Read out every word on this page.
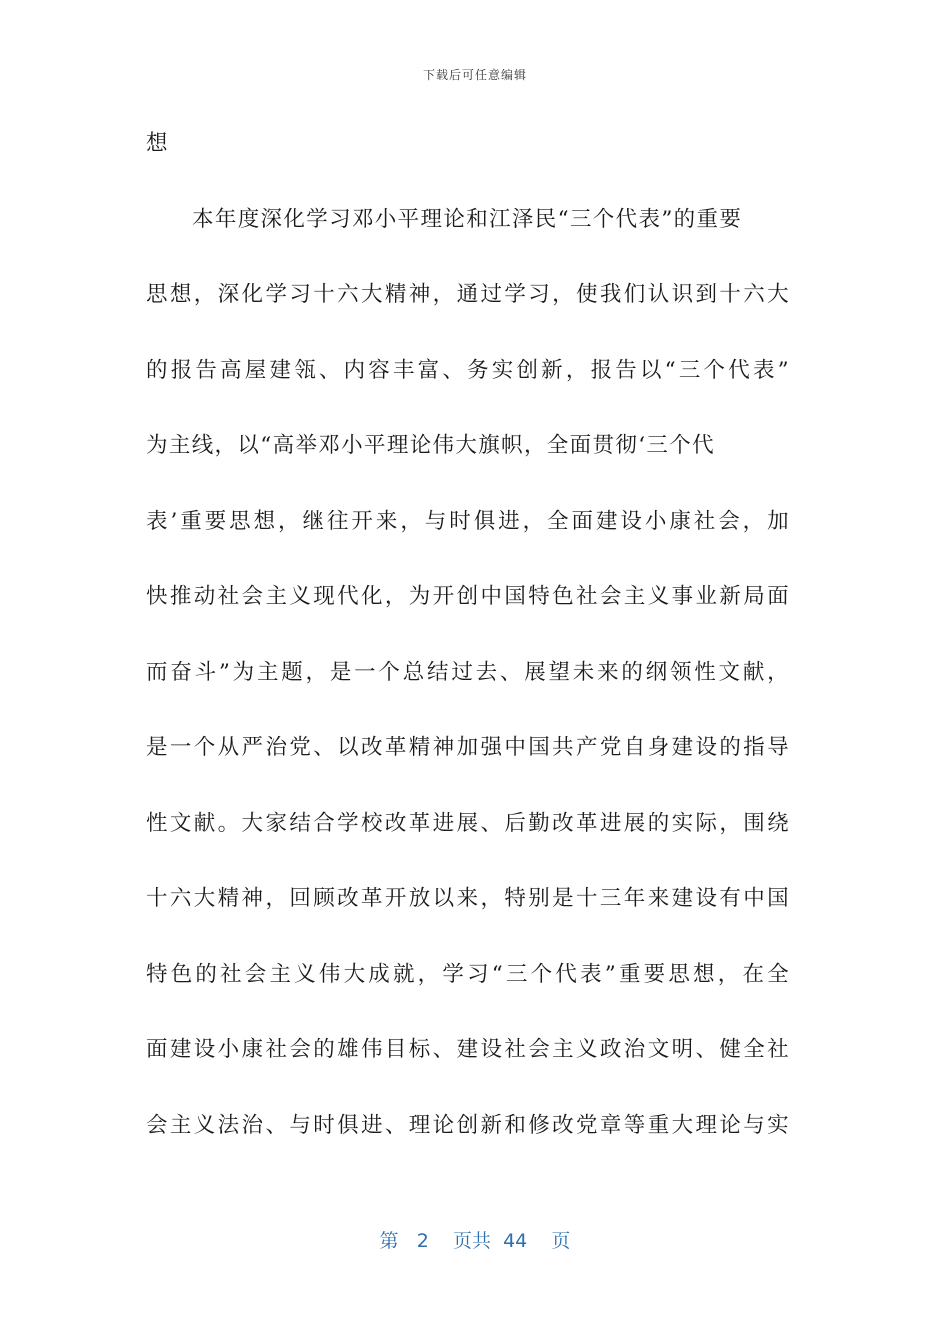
下载后可任意编辑
想
本年度深化学习邓小平理论和江泽民“三个代表”的重要
思想，深化学习十六大精神，通过学习，使我们认识到十六大
的报告高屋建瓴、内容丰富、务实创新，报告以“三个代表”
为主线，以“高举邓小平理论伟大旗帜，全面贯彻‘三个代
表’重要思想，继往开来，与时俱进，全面建设小康社会，加
快推动社会主义现代化，为开创中国特色社会主义事业新局面
而奋斗”为主题，是一个总结过去、展望未来的纲领性文献，
是一个从严治党、以改革精神加强中国共产党自身建设的指导
性文献。大家结合学校改革进展、后勤改革进展的实际，围绕
十六大精神，回顾改革开放以来，特别是十三年来建设有中国
特色的社会主义伟大成就，学习“三个代表”重要思想，在全
面建设小康社会的雄伟目标、建设社会主义政治文明、健全社
会主义法治、与时俱进、理论创新和修改党章等重大理论与实
第 2 页共 44 页
